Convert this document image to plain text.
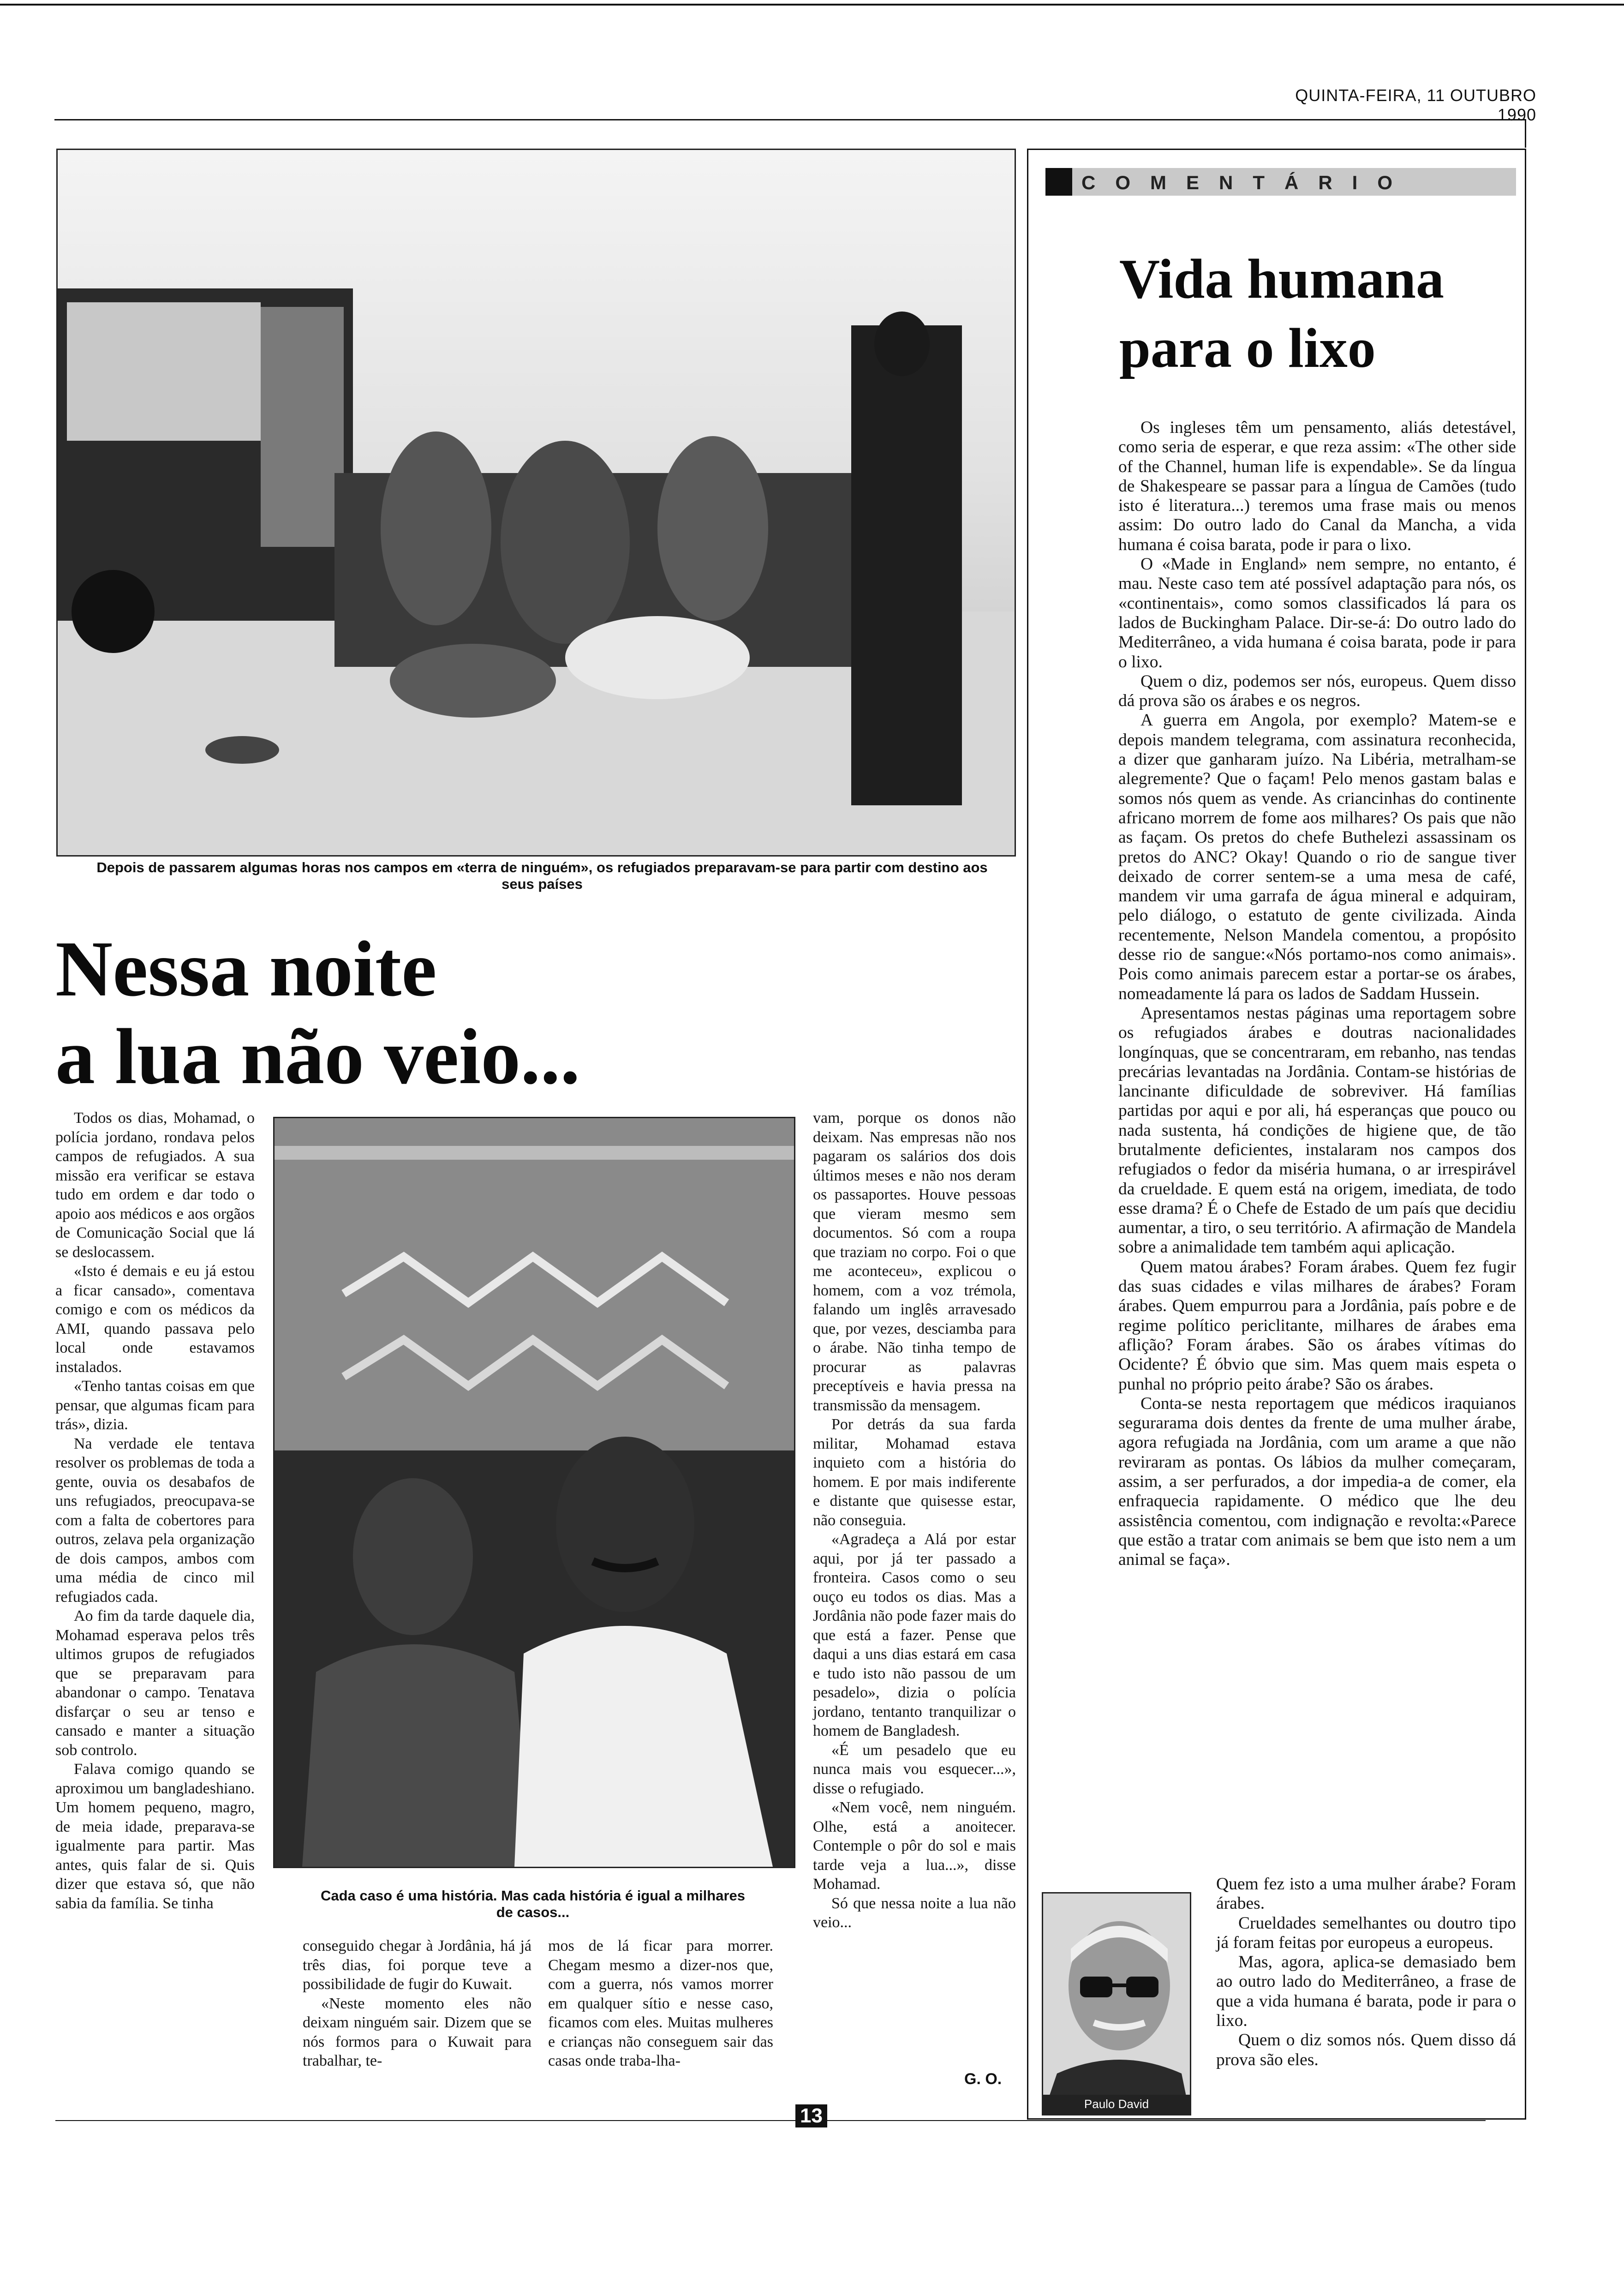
QUINTA-FEIRA, 11 OUTUBRO 1990
Depois de passarem algumas horas nos campos em «terra de ninguém», os refugiados preparavam-se para partir com destino aos seus países
Nessa noite
a lua não veio...

Todos os dias, Mohamad, o polícia jordano, rondava pelos campos de refugiados. A sua missão era verificar se estava tudo em ordem e dar todo o apoio aos médicos e aos orgãos de Comunicação Social que lá se deslocassem.

«Isto é demais e eu já estou a ficar cansado», comentava comigo e com os médicos da AMI, quando passava pelo local onde estavamos instalados.

«Tenho tantas coisas em que pensar, que algumas ficam para trás», dizia.

Na verdade ele tentava resolver os problemas de toda a gente, ouvia os desabafos de uns refugiados, preocupava-se com a falta de cobertores para outros, zelava pela organização de dois campos, ambos com uma média de cinco mil refugiados cada.

Ao fim da tarde daquele dia, Mohamad esperava pelos três ultimos grupos de refugiados que se preparavam para abandonar o campo. Tenatava disfarçar o seu ar tenso e cansado e manter a situação sob controlo.

Falava comigo quando se aproximou um bangladeshiano. Um homem pequeno, magro, de meia idade, preparava-se igualmente para partir. Mas antes, quis falar de si. Quis dizer que estava só, que não sabia da família. Se tinha	Cada caso é uma história. Mas cada história é igual a milhares de casos...

conseguido chegar à Jordânia, há já três dias, foi porque teve a possibilidade de fugir do Kuwait.

«Neste momento eles não deixam ninguém sair. Dizem que se nós formos para o Kuwait para trabalhar, te-

mos de lá ficar para morrer. Chegam mesmo a dizer-nos que, com a guerra, nós vamos morrer em qualquer sítio e nesse caso, ficamos com eles. Muitas mulheres e crianças não conseguem sair das casas onde traba-lha-

vam, porque os donos não deixam. Nas empresas não nos pagaram os salários dos dois últimos meses e não nos deram os passaportes. Houve pessoas que vieram mesmo sem documentos. Só com a roupa que traziam no corpo. Foi o que me aconteceu», explicou o homem, com a voz trémola, falando um inglês arravesado que, por vezes, desciamba para o árabe. Não tinha tempo de procurar as palavras preceptíveis e havia pressa na transmissão da mensagem.

Por detrás da sua farda militar, Mohamad estava inquieto com a história do homem. E por mais indiferente e distante que quisesse estar, não conseguia.

«Agradeça a Alá por estar aqui, por já ter passado a fronteira. Casos como o seu ouço eu todos os dias. Mas a Jordânia não pode fazer mais do que está a fazer. Pense que daqui a uns dias estará em casa e tudo isto não passou de um pesadelo», dizia o polícia jordano, tentanto tranquilizar o homem de Bangladesh.

«É um pesadelo que eu nunca mais vou esquecer...», disse o refugiado.

«Nem você, nem ninguém. Olhe, está a anoitecer. Contemple o pôr do sol e mais tarde veja a lua...», disse Mohamad.

Só que nessa noite a lua não veio...

G. O.
COMENTÁRIO
Vida humana
para o lixo

Os ingleses têm um pensamento, aliás detestável, como seria de esperar, e que reza assim: «The other side of the Channel, human life is expendable». Se da língua de Shakespeare se passar para a língua de Camões (tudo isto é literatura...) teremos uma frase mais ou menos assim: Do outro lado do Canal da Mancha, a vida humana é coisa barata, pode ir para o lixo.

O «Made in England» nem sempre, no entanto, é mau. Neste caso tem até possível adaptação para nós, os «continentais», como somos classificados lá para os lados de Buckingham Palace. Dir-se-á: Do outro lado do Mediterrâneo, a vida humana é coisa barata, pode ir para o lixo.

Quem o diz, podemos ser nós, europeus. Quem disso dá prova são os árabes e os negros.

A guerra em Angola, por exemplo? Matem-se e depois mandem telegrama, com assinatura reconhecida, a dizer que ganharam juízo. Na Libéria, metralham-se alegremente? Que o façam! Pelo menos gastam balas e somos nós quem as vende. As criancinhas do continente africano morrem de fome aos milhares? Os pais que não as façam. Os pretos do chefe Buthelezi assassinam os pretos do ANC? Okay! Quando o rio de sangue tiver deixado de correr sentem-se a uma mesa de café, mandem vir uma garrafa de água mineral e adquiram, pelo diálogo, o estatuto de gente civilizada. Ainda recentemente, Nelson Mandela comentou, a propósito desse rio de sangue:«Nós portamo-nos como animais». Pois como animais parecem estar a portar-se os árabes, nomeadamente lá para os lados de Saddam Hussein.

Apresentamos nestas páginas uma reportagem sobre os refugiados árabes e doutras nacionalidades longínquas, que se concentraram, em rebanho, nas tendas precárias levantadas na Jordânia. Contam-se histórias de lancinante dificuldade de sobreviver. Há famílias partidas por aqui e por ali, há esperanças que pouco ou nada sustenta, há condições de higiene que, de tão brutalmente deficientes, instalaram nos campos dos refugiados o fedor da miséria humana, o ar irrespirável da crueldade. E quem está na origem, imediata, de todo esse drama? É o Chefe de Estado de um país que decidiu aumentar, a tiro, o seu território. A afirmação de Mandela sobre a animalidade tem também aqui aplicação.

Quem matou árabes? Foram árabes. Quem fez fugir das suas cidades e vilas milhares de árabes? Foram árabes. Quem empurrou para a Jordânia, país pobre e de regime político periclitante, milhares de árabes ema aflição? Foram árabes. São os árabes vítimas do Ocidente? É óbvio que sim. Mas quem mais espeta o punhal no próprio peito árabe? São os árabes.

Conta-se nesta reportagem que médicos iraquianos segurarama dois dentes da frente de uma mulher árabe, agora refugiada na Jordânia, com um arame a que não reviraram as pontas. Os lábios da mulher começaram, assim, a ser perfurados, a dor impedia-a de comer, ela enfraquecia rapidamente. O médico que lhe deu assistência comentou, com indignação e revolta:«Parece que estão a tratar com animais se bem que isto nem a um animal se faça».

Quem fez isto a uma mulher árabe? Foram árabes.

Crueldades semelhantes ou doutro tipo já foram feitas por europeus a europeus.

Mas, agora, aplica-se demasiado bem ao outro lado do Mediterrâneo, a frase de que a vida humana é barata, pode ir para o lixo.

Quem o diz somos nós. Quem disso dá prova são eles.

Paulo David
13
